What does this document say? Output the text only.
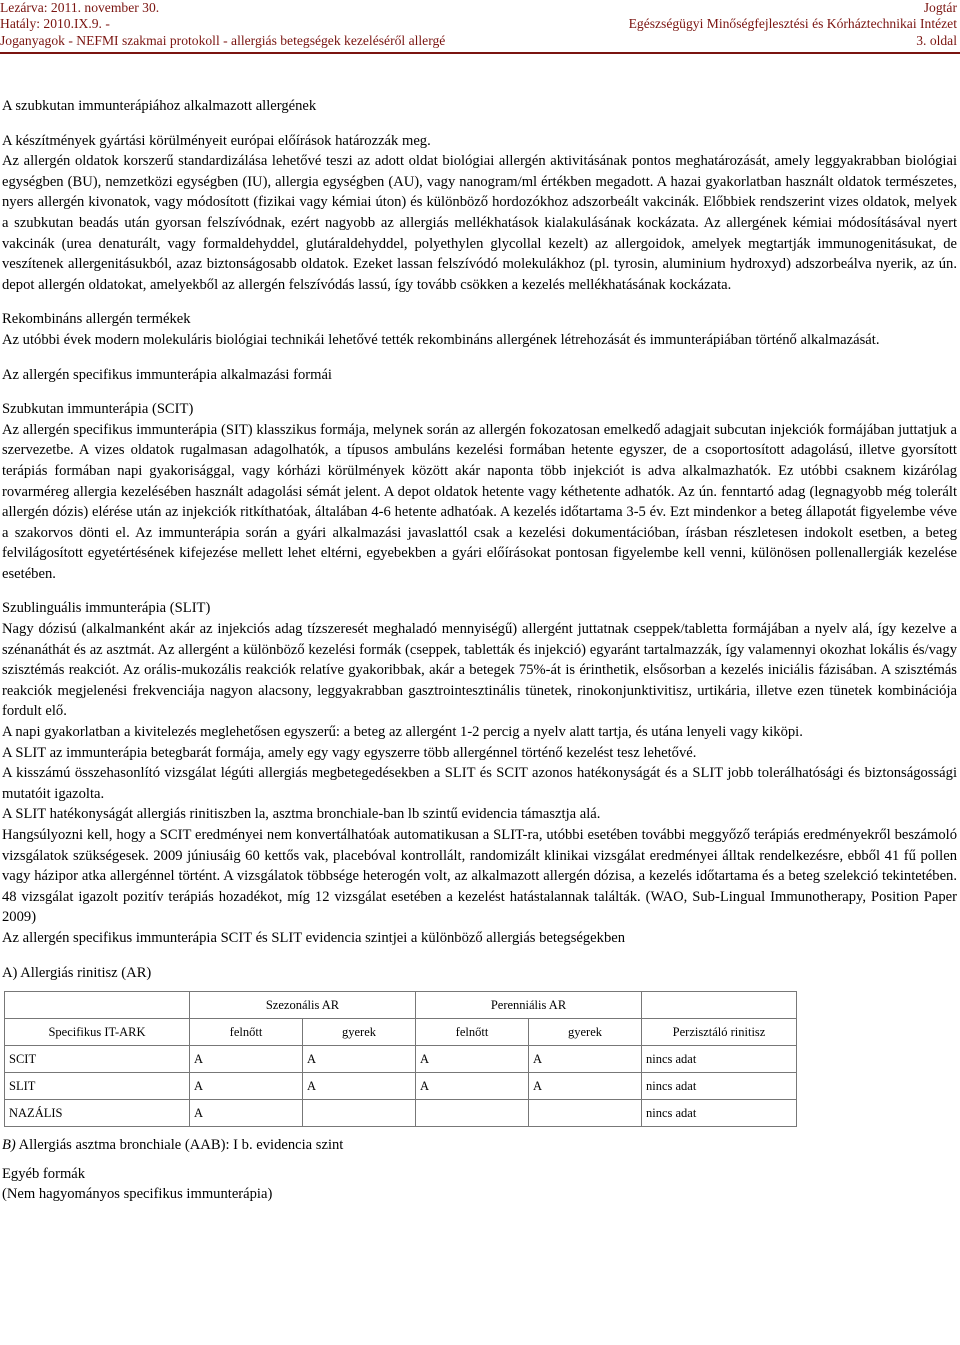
Lezárva: 2011. november 30.
Hatály: 2010.IX.9. -
Joganyagok - NEFMI szakmai protokoll - allergiás betegségek kezeléséről allergé
Jogtár
Egészségügyi Minőségfejlesztési és Kórháztechnikai Intézet
3. oldal

A szubkutan immunterápiához alkalmazott allergének

A készítmények gyártási körülményeit európai előírások határozzák meg.

Az allergén oldatok korszerű standardizálása lehetővé teszi az adott oldat biológiai allergén aktivitásának pontos meghatározását, amely leggyakrabban biológiai egységben (BU), nemzetközi egységben (IU), allergia egységben (AU), vagy nanogram/ml értékben megadott. A hazai gyakorlatban használt oldatok természetes, nyers allergén kivonatok, vagy módosított (fizikai vagy kémiai úton) és különböző hordozókhoz adszorbeált vakcinák. Előbbiek rendszerint vizes oldatok, melyek a szubkutan beadás után gyorsan felszívódnak, ezért nagyobb az allergiás mellékhatások kialakulásának kockázata. Az allergének kémiai módosításával nyert vakcinák (urea denaturált, vagy formaldehyddel, glutáraldehyddel, polyethylen glycollal kezelt) az allergoidok, amelyek megtartják immunogenitásukat, de veszítenek allergenitásukból, azaz biztonságosabb oldatok. Ezeket lassan felszívódó molekulákhoz (pl. tyrosin, aluminium hydroxyd) adszorbeálva nyerik, az ún. depot allergén oldatokat, amelyekből az allergén felszívódás lassú, így tovább csökken a kezelés mellékhatásának kockázata.

Rekombináns allergén termékek

Az utóbbi évek modern molekuláris biológiai technikái lehetővé tették rekombináns allergének létrehozását és immunterápiában történő alkalmazását.

Az allergén specifikus immunterápia alkalmazási formái

Szubkutan immunterápia (SCIT)

Az allergén specifikus immunterápia (SIT) klasszikus formája, melynek során az allergén fokozatosan emelkedő adagjait subcutan injekciók formájában juttatjuk a szervezetbe. A vizes oldatok rugalmasan adagolhatók, a típusos ambuláns kezelési formában hetente egyszer, de a csoportosított adagolású, illetve gyorsított terápiás formában napi gyakorisággal, vagy kórházi körülmények között akár naponta több injekciót is adva alkalmazhatók. Ez utóbbi csaknem kizárólag rovarméreg allergia kezelésében használt adagolási sémát jelent. A depot oldatok hetente vagy kéthetente adhatók. Az ún. fenntartó adag (legnagyobb még tolerált allergén dózis) elérése után az injekciók ritkíthatóak, általában 4-6 hetente adhatóak. A kezelés időtartama 3-5 év. Ezt mindenkor a beteg állapotát figyelembe véve a szakorvos dönti el. Az immunterápia során a gyári alkalmazási javaslattól csak a kezelési dokumentációban, írásban részletesen indokolt esetben, a beteg felvilágosított egyetértésének kifejezése mellett lehet eltérni, egyebekben a gyári előírásokat pontosan figyelembe kell venni, különösen pollenallergiák kezelése esetében.

Szublinguális immunterápia (SLIT)

Nagy dózisú (alkalmanként akár az injekciós adag tízszeresét meghaladó mennyiségű) allergént juttatnak cseppek/tabletta formájában a nyelv alá, így kezelve a szénanáthát és az asztmát. Az allergént a különböző kezelési formák (cseppek, tabletták és injekció) egyaránt tartalmazzák, így valamennyi okozhat lokális és/vagy szisztémás reakciót. Az orális-mukozális reakciók relatíve gyakoribbak, akár a betegek 75%-át is érinthetik, elsősorban a kezelés iniciális fázisában. A szisztémás reakciók megjelenési frekvenciája nagyon alacsony, leggyakrabban gasztrointesztinális tünetek, rinokonjunktivitisz, urtikária, illetve ezen tünetek kombinációja fordult elő.

A napi gyakorlatban a kivitelezés meglehetősen egyszerű: a beteg az allergént 1-2 percig a nyelv alatt tartja, és utána lenyeli vagy kiköpi.

A SLIT az immunterápia betegbarát formája, amely egy vagy egyszerre több allergénnel történő kezelést tesz lehetővé.

A kisszámú összehasonlító vizsgálat légúti allergiás megbetegedésekben a SLIT és SCIT azonos hatékonyságát és a SLIT jobb tolerálhatósági és biztonságossági mutatóit igazolta.

A SLIT hatékonyságát allergiás rinitiszben la, asztma bronchiale-ban lb szintű evidencia támasztja alá.

Hangsúlyozni kell, hogy a SCIT eredményei nem konvertálhatóak automatikusan a SLIT-ra, utóbbi esetében további meggyőző terápiás eredményekről beszámoló vizsgálatok szükségesek. 2009 júniusáig 60 kettős vak, placebóval kontrollált, randomizált klinikai vizsgálat eredményei álltak rendelkezésre, ebből 41 fű pollen vagy házipor atka allergénnel történt. A vizsgálatok többsége heterogén volt, az alkalmazott allergén dózisa, a kezelés időtartama és a beteg szelekció tekintetében. 48 vizsgálat igazolt pozitív terápiás hozadékot, míg 12 vizsgálat esetében a kezelést hatástalannak találták. (WAO, Sub-Lingual Immunotherapy, Position Paper 2009)

Az allergén specifikus immunterápia SCIT és SLIT evidencia szintjei a különböző allergiás betegségekben

A) Allergiás rinitisz (AR)

	Szezonális AR		Perenniális AR		
Specifikus IT-ARK	felnőtt	gyerek	felnőtt	gyerek	Perzisztáló rinitisz
SCIT	A	A	A	A	nincs adat
SLIT	A	A	A	A	nincs adat
NAZÁLIS	A				nincs adat

B) Allergiás asztma bronchiale (AAB): I b. evidencia szint

Egyéb formák

(Nem hagyományos specifikus immunterápia)
